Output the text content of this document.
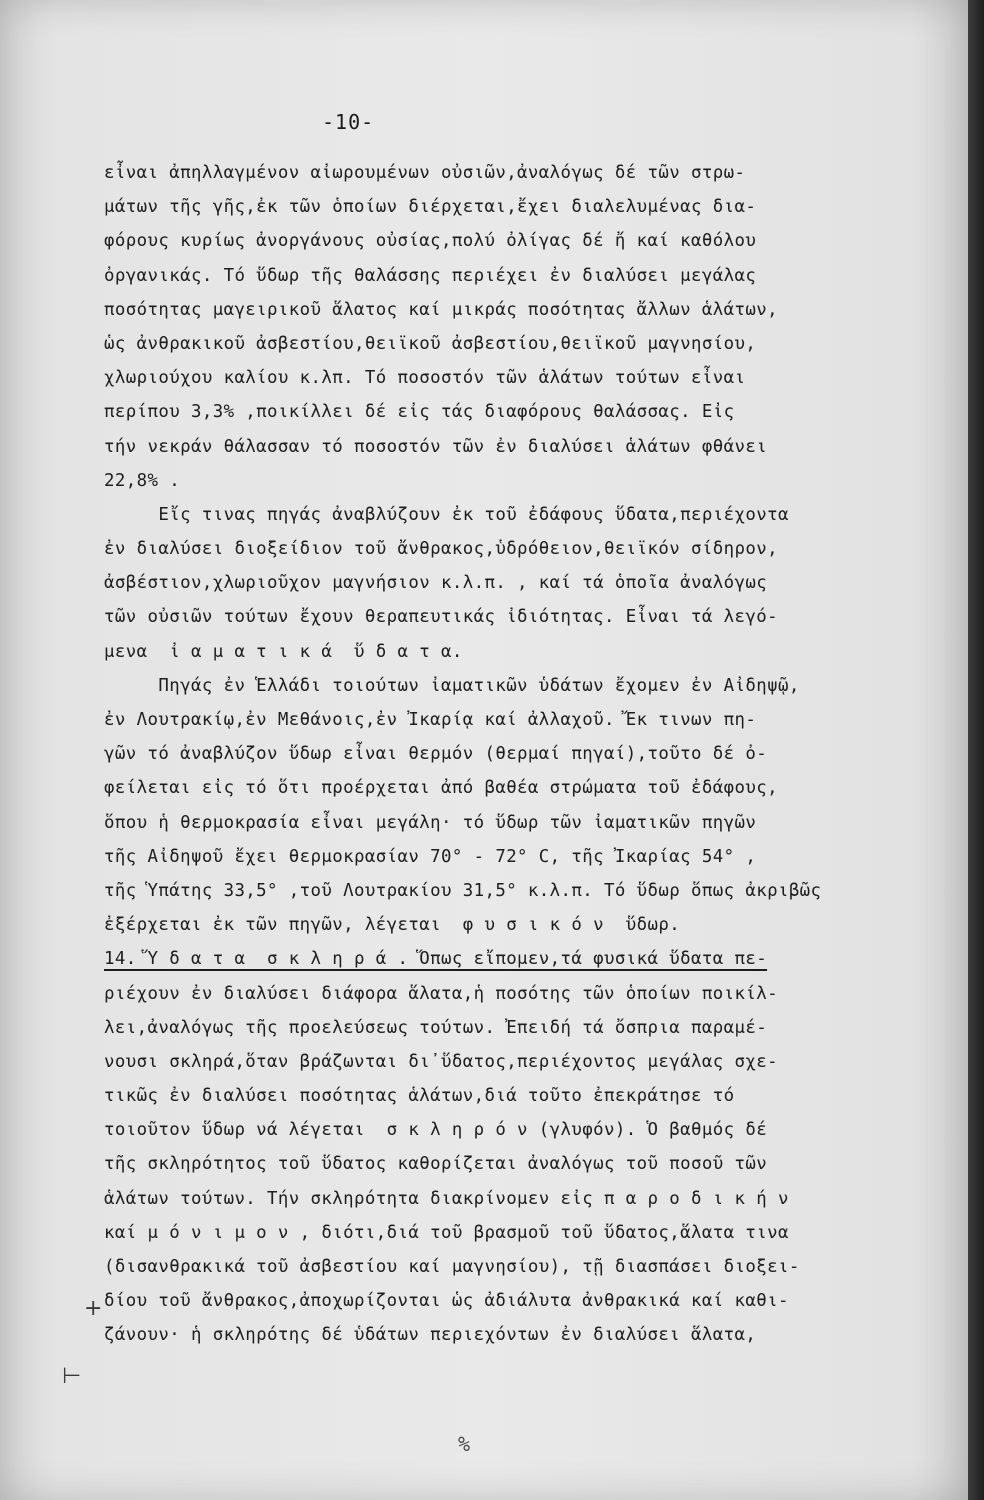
-10-
εἶναι ἀπηλλαγμένον αἰωρουμένων οὐσιῶν,ἀναλόγως δέ τῶν στρω-
μάτων τῆς γῆς,ἐκ τῶν ὁποίων διέρχεται,ἔχει διαλελυμένας δια-
φόρους κυρίως ἀνοργάνους οὐσίας,πολύ ὀλίγας δέ ἤ καί καθόλου
ὀργανικάς. Τό ὕδωρ τῆς θαλάσσης περιέχει ἐν διαλύσει μεγάλας
ποσότητας μαγειρικοῦ ἅλατος καί μικράς ποσότητας ἄλλων ἁλάτων,
ὡς ἀνθρακικοῦ ἀσβεστίου,θειϊκοῦ ἀσβεστίου,θειϊκοῦ μαγνησίου,
χλωριούχου καλίου κ.λπ. Τό ποσοστόν τῶν ἁλάτων τούτων εἶναι
περίπου 3,3% ,ποικίλλει δέ εἰς τάς διαφόρους θαλάσσας. Εἰς
τήν νεκράν θάλασσαν τό ποσοστόν τῶν ἐν διαλύσει ἁλάτων φθάνει
22,8% .
Εἴς τινας πηγάς ἀναβλύζουν ἐκ τοῦ ἐδάφους ὕδατα,περιέχοντα
ἐν διαλύσει διοξείδιον τοῦ ἄνθρακος,ὑδρόθειον,θειϊκόν σίδηρον,
ἀσβέστιον,χλωριοῦχον μαγνήσιον κ.λ.π. , καί τά ὁποῖα ἀναλόγως
τῶν οὐσιῶν τούτων ἔχουν θεραπευτικάς ἰδιότητας. Εἶναι τά λεγό-
μενα  ἰ α μ α τ ι κ ά  ὕ δ α τ α.
Πηγάς ἐν Ἑλλάδι τοιούτων ἰαματικῶν ὑδάτων ἔχομεν ἐν Αἰδηψῷ,
ἐν Λουτρακίῳ,ἐν Μεθάνοις,ἐν Ἰκαρίᾳ καί ἀλλαχοῦ. Ἔκ τινων πη-
γῶν τό ἀναβλύζον ὕδωρ εἶναι θερμόν (θερμαί πηγαί),τοῦτο δέ ὀ-
φείλεται εἰς τό ὅτι προέρχεται ἀπό βαθέα στρώματα τοῦ ἐδάφους,
ὅπου ἡ θερμοκρασία εἶναι μεγάλη· τό ὕδωρ τῶν ἰαματικῶν πηγῶν
τῆς Αἰδηψοῦ ἔχει θερμοκρασίαν 70° - 72° C, τῆς Ἰκαρίας 54° ,
τῆς Ὑπάτης 33,5° ,τοῦ Λουτρακίου 31,5° κ.λ.π. Τό ὕδωρ ὅπως ἀκριβῶς
ἐξέρχεται ἐκ τῶν πηγῶν, λέγεται  φ υ σ ι κ ό ν  ὕδωρ.
14. Ὕ δ α τ α  σ κ λ η ρ ά . Ὅπως εἴπομεν,τά φυσικά ὕδατα πε-
ριέχουν ἐν διαλύσει διάφορα ἅλατα,ἡ ποσότης τῶν ὁποίων ποικίλ-
λει,ἀναλόγως τῆς προελεύσεως τούτων. Ἐπειδή τά ὄσπρια παραμέ-
νουσι σκληρά,ὅταν βράζωνται δι᾿ὕδατος,περιέχοντος μεγάλας σχε-
τικῶς ἐν διαλύσει ποσότητας ἁλάτων,διά τοῦτο ἐπεκράτησε τό
τοιοῦτον ὕδωρ νά λέγεται  σ κ λ η ρ ό ν (γλυφόν). Ὁ βαθμός δέ
τῆς σκληρότητος τοῦ ὕδατος καθορίζεται ἀναλόγως τοῦ ποσοῦ τῶν
ἁλάτων τούτων. Τήν σκληρότητα διακρίνομεν εἰς π α ρ ο δ ι κ ή ν
καί μ ό ν ι μ ο ν , διότι,διά τοῦ βρασμοῦ τοῦ ὕδατος,ἅλατα τινα
(δισανθρακικά τοῦ ἀσβεστίου καί μαγνησίου), τῇ διασπάσει διοξει-
δίου τοῦ ἄνθρακος,ἀποχωρίζονται ὡς ἀδιάλυτα ἀνθρακικά καί καθι-
ζάνουν· ἡ σκληρότης δέ ὑδάτων περιεχόντων ἐν διαλύσει ἅλατα,
+
⊢
%
